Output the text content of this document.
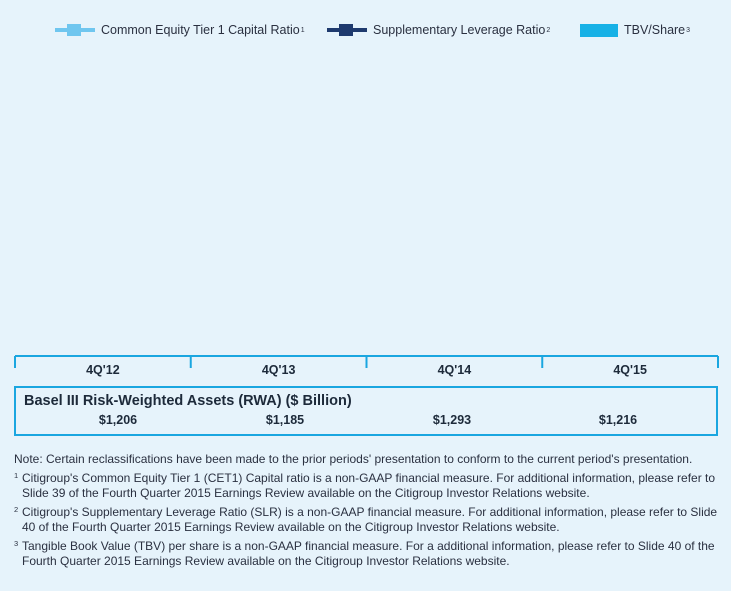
Common Equity Tier 1 Capital Ratio 1	Supplementary Leverage Ratio 2	TBV/Share 3
4Q'12	4Q'13	4Q'14	4Q'15
Basel III Risk-Weighted Assets (RWA) ($ Billion)
$1,206	$1,185	$1,293	$1,216
Note: Certain reclassifications have been made to the prior periods' presentation to conform to the current period's presentation.
1 Citigroup's Common Equity Tier 1 (CET1) Capital ratio is a non-GAAP financial measure. For additional information, please refer to Slide 39 of the Fourth Quarter 2015 Earnings Review available on the Citigroup Investor Relations website.
2 Citigroup's Supplementary Leverage Ratio (SLR) is a non-GAAP financial measure. For additional information, please refer to Slide 40 of the Fourth Quarter 2015 Earnings Review available on the Citigroup Investor Relations website.
3 Tangible Book Value (TBV) per share is a non-GAAP financial measure. For a additional information, please refer to Slide 40 of the Fourth Quarter 2015 Earnings Review available on the Citigroup Investor Relations website.
